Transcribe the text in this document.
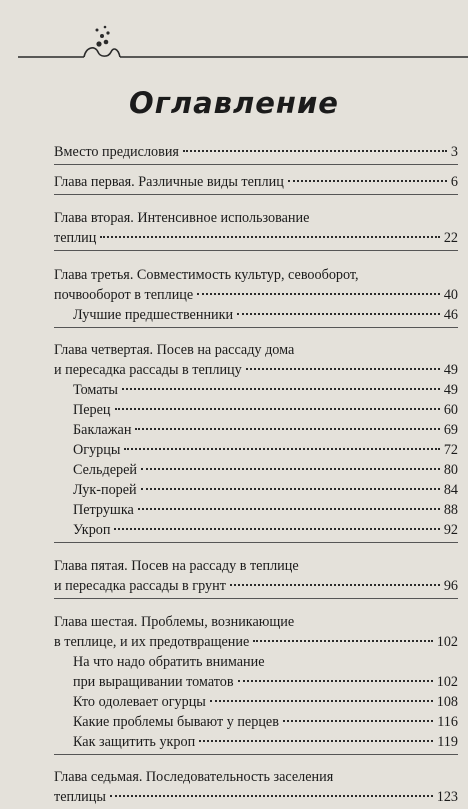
Оглавление
Вместо предисловия	3
Глава первая. Различные виды теплиц	6
Глава вторая. Интенсивное использование
теплиц	22
Глава третья. Совместимость культур, севооборот,
почвооборот в теплице	40
Лучшие предшественники	46
Глава четвертая. Посев на рассаду дома
и пересадка рассады в теплицу	49
Томаты	49
Перец	60
Баклажан	69
Огурцы	72
Сельдерей	80
Лук-порей	84
Петрушка	88
Укроп	92
Глава пятая. Посев на рассаду в теплице
и пересадка рассады в грунт	96
Глава шестая. Проблемы, возникающие
в теплице, и их предотвращение	102
На что надо обратить внимание
при выращивании томатов	102
Кто одолевает огурцы	108
Какие проблемы бывают у перцев	116
Как защитить укроп	119
Глава седьмая. Последовательность заселения
теплицы	123
